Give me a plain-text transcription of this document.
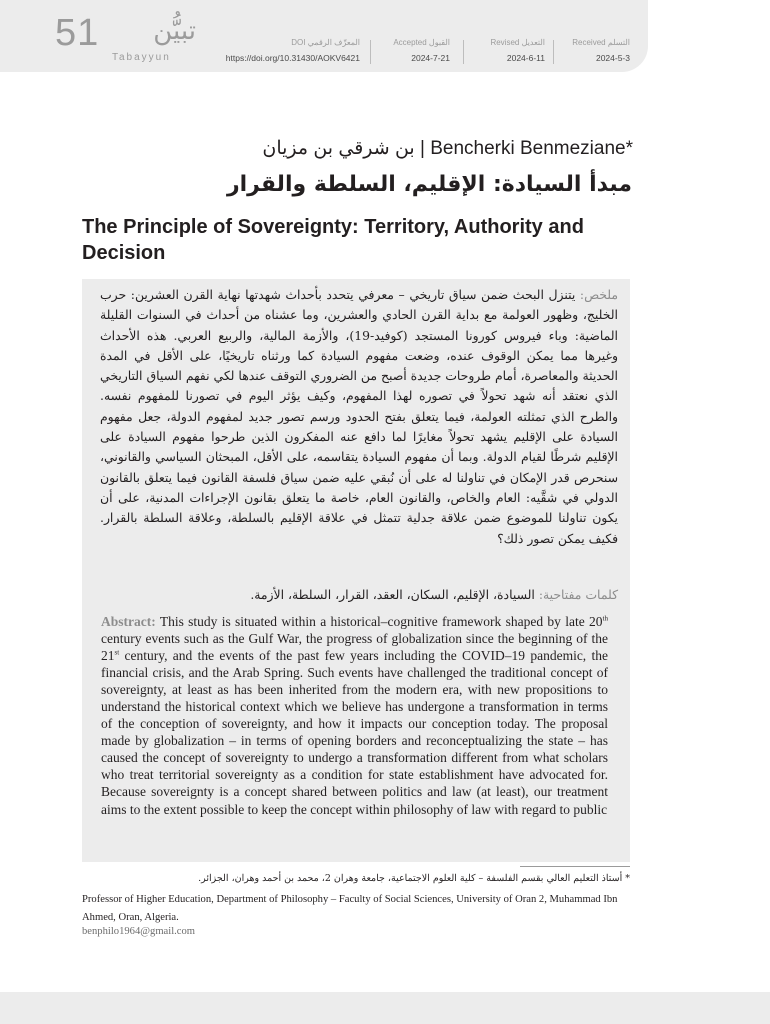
51 تبيُّن
Tabayyun
Received التسلم
2024-5-3
Revised التعديل
2024-6-11
Accepted القبول
2024-7-21
DOI المعرِّف الرقمي
https://doi.org/10.31430/AOKV6421
بن شرقي بن مزيان | Bencherki Benmeziane*
مبدأ السيادة: الإقليم، السلطة والقرار
The Principle of Sovereignty: Territory, Authority and Decision
ملخص: يتنزل البحث ضمن سياق تاريخي – معرفي يتحدد بأحداث شهدتها نهاية القرن العشرين: حرب الخليج، وظهور العولمة مع بداية القرن الحادي والعشرين، وما عشناه من أحداث في السنوات القليلة الماضية: وباء فيروس كورونا المستجد (كوفيد-19)، والأزمة المالية، والربيع العربي. هذه الأحداث وغيرها مما يمكن الوقوف عنده، وضعت مفهوم السيادة كما ورثناه تاريخيًا، على الأقل في المدة الحديثة والمعاصرة، أمام طروحات جديدة أصبح من الضروري التوقف عندها لكي نفهم السياق التاريخي الذي نعتقد أنه شهد تحولاً في تصوره لهذا المفهوم، وكيف يؤثر اليوم في تصورنا للمفهوم نفسه. والطرح الذي تمثلته العولمة، فيما يتعلق بفتح الحدود ورسم تصور جديد لمفهوم الدولة، جعل مفهوم السيادة على الإقليم يشهد تحولاً مغايرًا لما دافع عنه المفكرون الذين طرحوا مفهوم السيادة على الإقليم شرطًا لقيام الدولة. وبما أن مفهوم السيادة يتقاسمه، على الأقل، المبحثان السياسي والقانوني، سنحرص قدر الإمكان في تناولنا له على أن نُبقي عليه ضمن سياق فلسفة القانون فيما يتعلق بالقانون الدولي في شقَّيه: العام والخاص، والقانون العام، خاصة ما يتعلق بقانون الإجراءات المدنية، على أن يكون تناولنا للموضوع ضمن علاقة جدلية تتمثل في علاقة الإقليم بالسلطة، وعلاقة السلطة بالقرار. فكيف يمكن تصور ذلك؟
كلمات مفتاحية: السيادة، الإقليم، السكان، العقد، القرار، السلطة، الأزمة.
Abstract: This study is situated within a historical–cognitive framework shaped by late 20th century events such as the Gulf War, the progress of globalization since the beginning of the 21st century, and the events of the past few years including the COVID–19 pandemic, the financial crisis, and the Arab Spring. Such events have challenged the traditional concept of sovereignty, at least as has been inherited from the modern era, with new propositions to understand the historical context which we believe has undergone a transformation in terms of the conception of sovereignty, and how it impacts our conception today. The proposal made by globalization – in terms of opening borders and reconceptualizing the state – has caused the concept of sovereignty to undergo a transformation different from what scholars who treat territorial sovereignty as a condition for state establishment have advocated for. Because sovereignty is a concept shared between politics and law (at least), our treatment aims to the extent possible to keep the concept within philosophy of law with regard to public
* أستاذ التعليم العالي بقسم الفلسفة – كلية العلوم الاجتماعية، جامعة وهران 2، محمد بن أحمد وهران، الجزائر.
Professor of Higher Education, Department of Philosophy – Faculty of Social Sciences, University of Oran 2, Muhammad Ibn Ahmed, Oran, Algeria.
benphilo1964@gmail.com
